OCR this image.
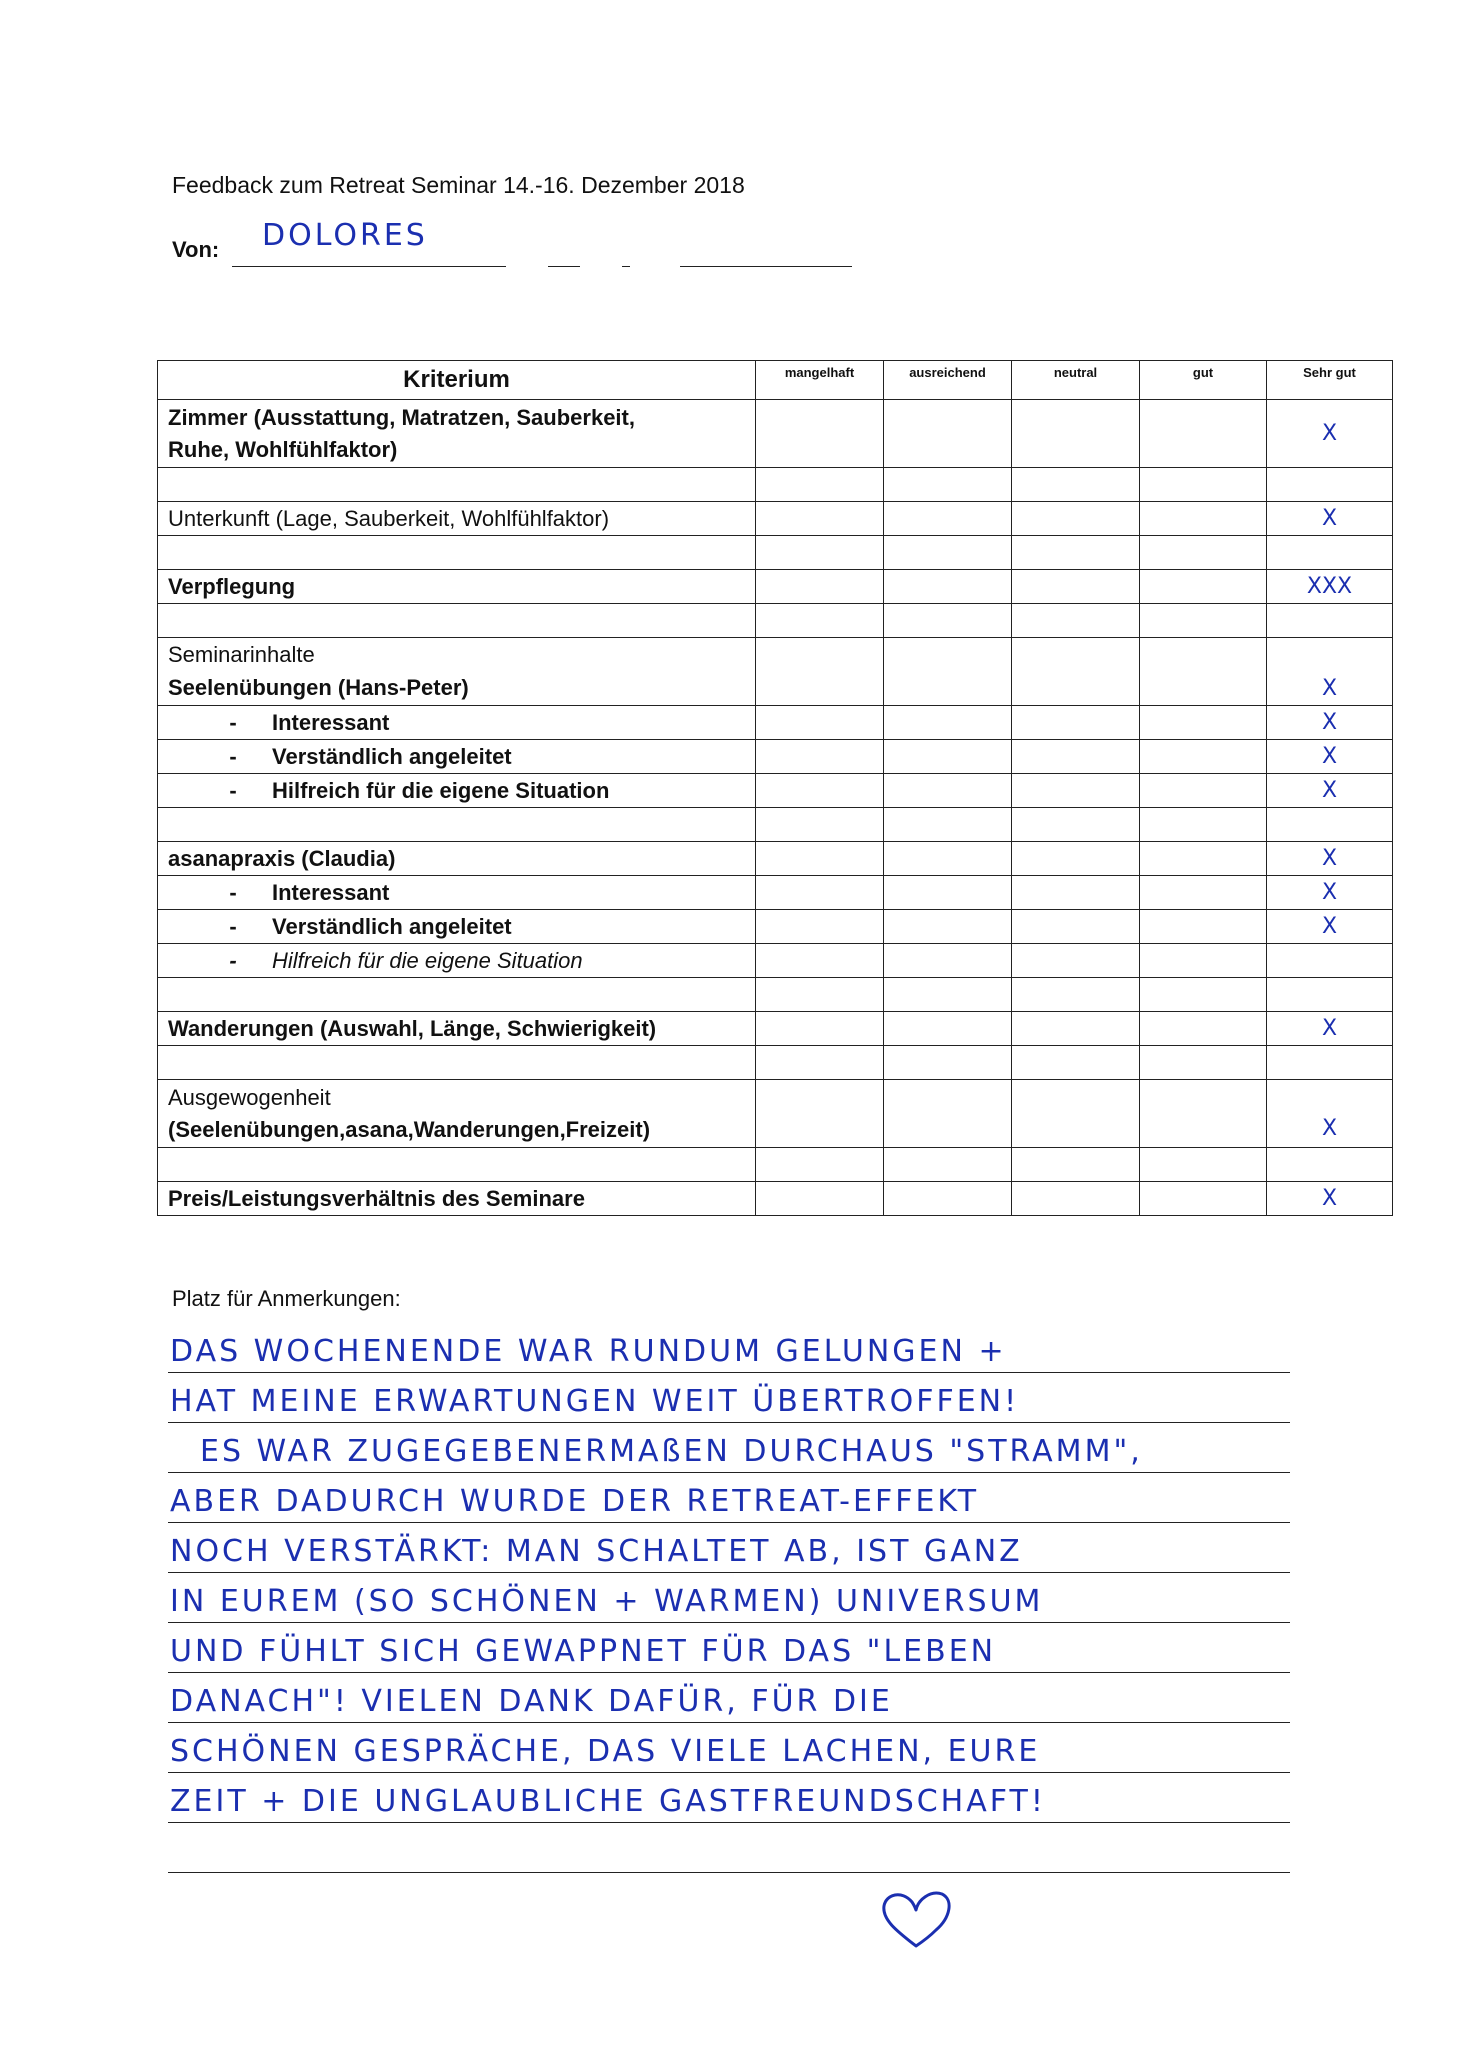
Feedback zum Retreat Seminar 14.-16. Dezember 2018
Von: DOLORES
Kriterium	mangelhaft	ausreichend	neutral	gut	Sehr gut
Zimmer (Ausstattung, Matratzen, Sauberkeit,
Ruhe, Wohlfühlfaktor)					X

Unterkunft (Lage, Sauberkeit, Wohlfühlfaktor)					X

Verpflegung					XXX

Seminarinhalte					
Seelenübungen (Hans-Peter)					X
- Interessant					X
- Verständlich angeleitet					X
- Hilfreich für die eigene Situation					X

asanapraxis (Claudia)					X
- Interessant					X
- Verständlich angeleitet					X
- Hilfreich für die eigene Situation					

Wanderungen (Auswahl, Länge, Schwierigkeit)					X

Ausgewogenheit
(Seelenübungen,asana,Wanderungen,Freizeit)					X

Preis/Leistungsverhältnis des Seminare					X
Platz für Anmerkungen:
DAS WOCHENENDE WAR RUNDUM GELUNGEN +
HAT MEINE ERWARTUNGEN WEIT ÜBERTROFFEN!
ES WAR ZUGEGEBENERMAßEN DURCHAUS "STRAMM",
ABER DADURCH WURDE DER RETREAT-EFFEKT
NOCH VERSTÄRKT: MAN SCHALTET AB, IST GANZ
IN EUREM (SO SCHÖNEN + WARMEN) UNIVERSUM
UND FÜHLT SICH GEWAPPNET FÜR DAS "LEBEN
DANACH"! VIELEN DANK DAFÜR, FÜR DIE
SCHÖNEN GESPRÄCHE, DAS VIELE LACHEN, EURE
ZEIT + DIE UNGLAUBLICHE GASTFREUNDSCHAFT!
